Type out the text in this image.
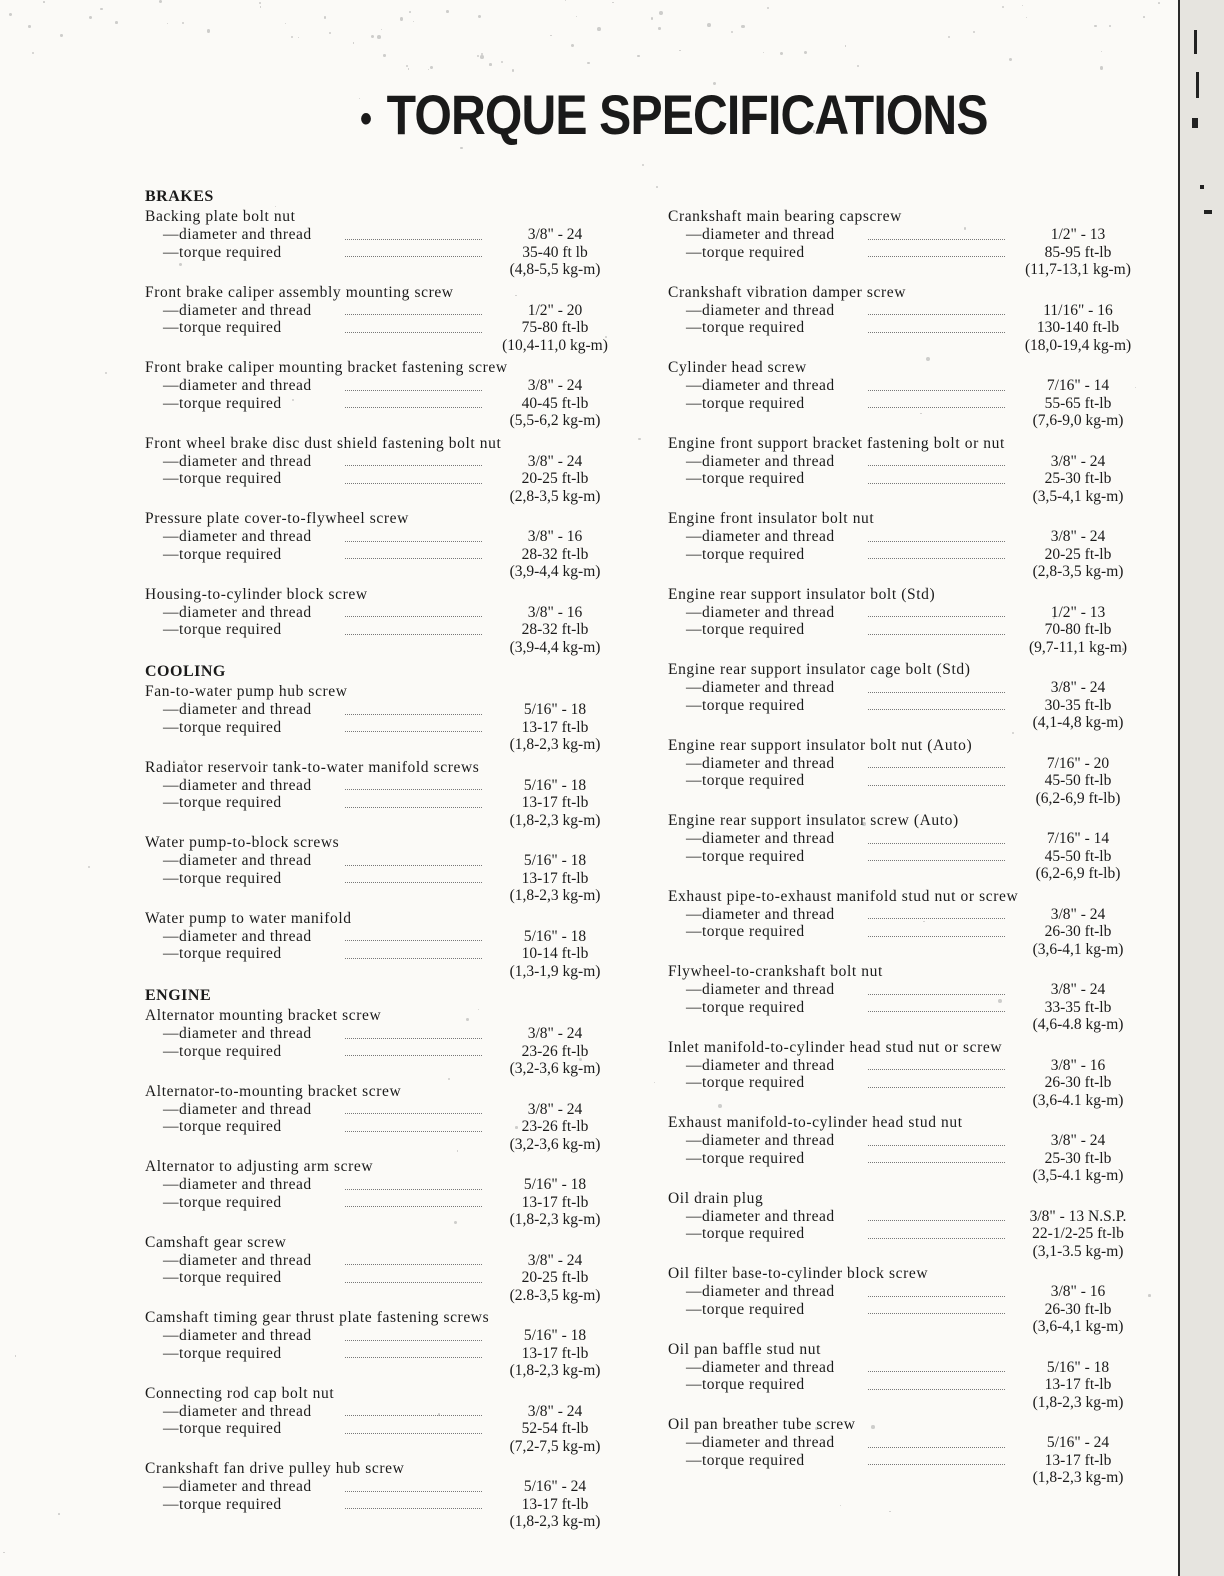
• TORQUE SPECIFICATIONS
BRAKES
Backing plate bolt nut
—diameter and thread	3/8" - 24
—torque required	35-40 ft lb
(4,8-5,5 kg-m)
Front brake caliper assembly mounting screw
—diameter and thread	1/2" - 20
—torque required	75-80 ft-lb
(10,4-11,0 kg-m)
Front brake caliper mounting bracket fastening screw
—diameter and thread	3/8" - 24
—torque required	40-45 ft-lb
(5,5-6,2 kg-m)
Front wheel brake disc dust shield fastening bolt nut
—diameter and thread	3/8" - 24
—torque required	20-25 ft-lb
(2,8-3,5 kg-m)
Pressure plate cover-to-flywheel screw
—diameter and thread	3/8" - 16
—torque required	28-32 ft-lb
(3,9-4,4 kg-m)
Housing-to-cylinder block screw
—diameter and thread	3/8" - 16
—torque required	28-32 ft-lb
(3,9-4,4 kg-m)
COOLING
Fan-to-water pump hub screw
—diameter and thread	5/16" - 18
—torque required	13-17 ft-lb
(1,8-2,3 kg-m)
Radiator reservoir tank-to-water manifold screws
—diameter and thread	5/16" - 18
—torque required	13-17 ft-lb
(1,8-2,3 kg-m)
Water pump-to-block screws
—diameter and thread	5/16" - 18
—torque required	13-17 ft-lb
(1,8-2,3 kg-m)
Water pump to water manifold
—diameter and thread	5/16" - 18
—torque required	10-14 ft-lb
(1,3-1,9 kg-m)
ENGINE
Alternator mounting bracket screw
—diameter and thread	3/8" - 24
—torque required	23-26 ft-lb
(3,2-3,6 kg-m)
Alternator-to-mounting bracket screw
—diameter and thread	3/8" - 24
—torque required	23-26 ft-lb
(3,2-3,6 kg-m)
Alternator to adjusting arm screw
—diameter and thread	5/16" - 18
—torque required	13-17 ft-lb
(1,8-2,3 kg-m)
Camshaft gear screw
—diameter and thread	3/8" - 24
—torque required	20-25 ft-lb
(2.8-3,5 kg-m)
Camshaft timing gear thrust plate fastening screws
—diameter and thread	5/16" - 18
—torque required	13-17 ft-lb
(1,8-2,3 kg-m)
Connecting rod cap bolt nut
—diameter and thread	3/8" - 24
—torque required	52-54 ft-lb
(7,2-7,5 kg-m)
Crankshaft fan drive pulley hub screw
—diameter and thread	5/16" - 24
—torque required	13-17 ft-lb
(1,8-2,3 kg-m)
Crankshaft main bearing capscrew
—diameter and thread	1/2" - 13
—torque required	85-95 ft-lb
(11,7-13,1 kg-m)
Crankshaft vibration damper screw
—diameter and thread	11/16" - 16
—torque required	130-140 ft-lb
(18,0-19,4 kg-m)
Cylinder head screw
—diameter and thread	7/16" - 14
—torque required	55-65 ft-lb
(7,6-9,0 kg-m)
Engine front support bracket fastening bolt or nut
—diameter and thread	3/8" - 24
—torque required	25-30 ft-lb
(3,5-4,1 kg-m)
Engine front insulator bolt nut
—diameter and thread	3/8" - 24
—torque required	20-25 ft-lb
(2,8-3,5 kg-m)
Engine rear support insulator bolt (Std)
—diameter and thread	1/2" - 13
—torque required	70-80 ft-lb
(9,7-11,1 kg-m)
Engine rear support insulator cage bolt (Std)
—diameter and thread	3/8" - 24
—torque required	30-35 ft-lb
(4,1-4,8 kg-m)
Engine rear support insulator bolt nut (Auto)
—diameter and thread	7/16" - 20
—torque required	45-50 ft-lb
(6,2-6,9 ft-lb)
Engine rear support insulator screw (Auto)
—diameter and thread	7/16" - 14
—torque required	45-50 ft-lb
(6,2-6,9 ft-lb)
Exhaust pipe-to-exhaust manifold stud nut or screw
—diameter and thread	3/8" - 24
—torque required	26-30 ft-lb
(3,6-4,1 kg-m)
Flywheel-to-crankshaft bolt nut
—diameter and thread	3/8" - 24
—torque required	33-35 ft-lb
(4,6-4.8 kg-m)
Inlet manifold-to-cylinder head stud nut or screw
—diameter and thread	3/8" - 16
—torque required	26-30 ft-lb
(3,6-4.1 kg-m)
Exhaust manifold-to-cylinder head stud nut
—diameter and thread	3/8" - 24
—torque required	25-30 ft-lb
(3,5-4.1 kg-m)
Oil drain plug
—diameter and thread	3/8" - 13 N.S.P.
—torque required	22-1/2-25 ft-lb
(3,1-3.5 kg-m)
Oil filter base-to-cylinder block screw
—diameter and thread	3/8" - 16
—torque required	26-30 ft-lb
(3,6-4,1 kg-m)
Oil pan baffle stud nut
—diameter and thread	5/16" - 18
—torque required	13-17 ft-lb
(1,8-2,3 kg-m)
Oil pan breather tube screw
—diameter and thread	5/16" - 24
—torque required	13-17 ft-lb
(1,8-2,3 kg-m)
